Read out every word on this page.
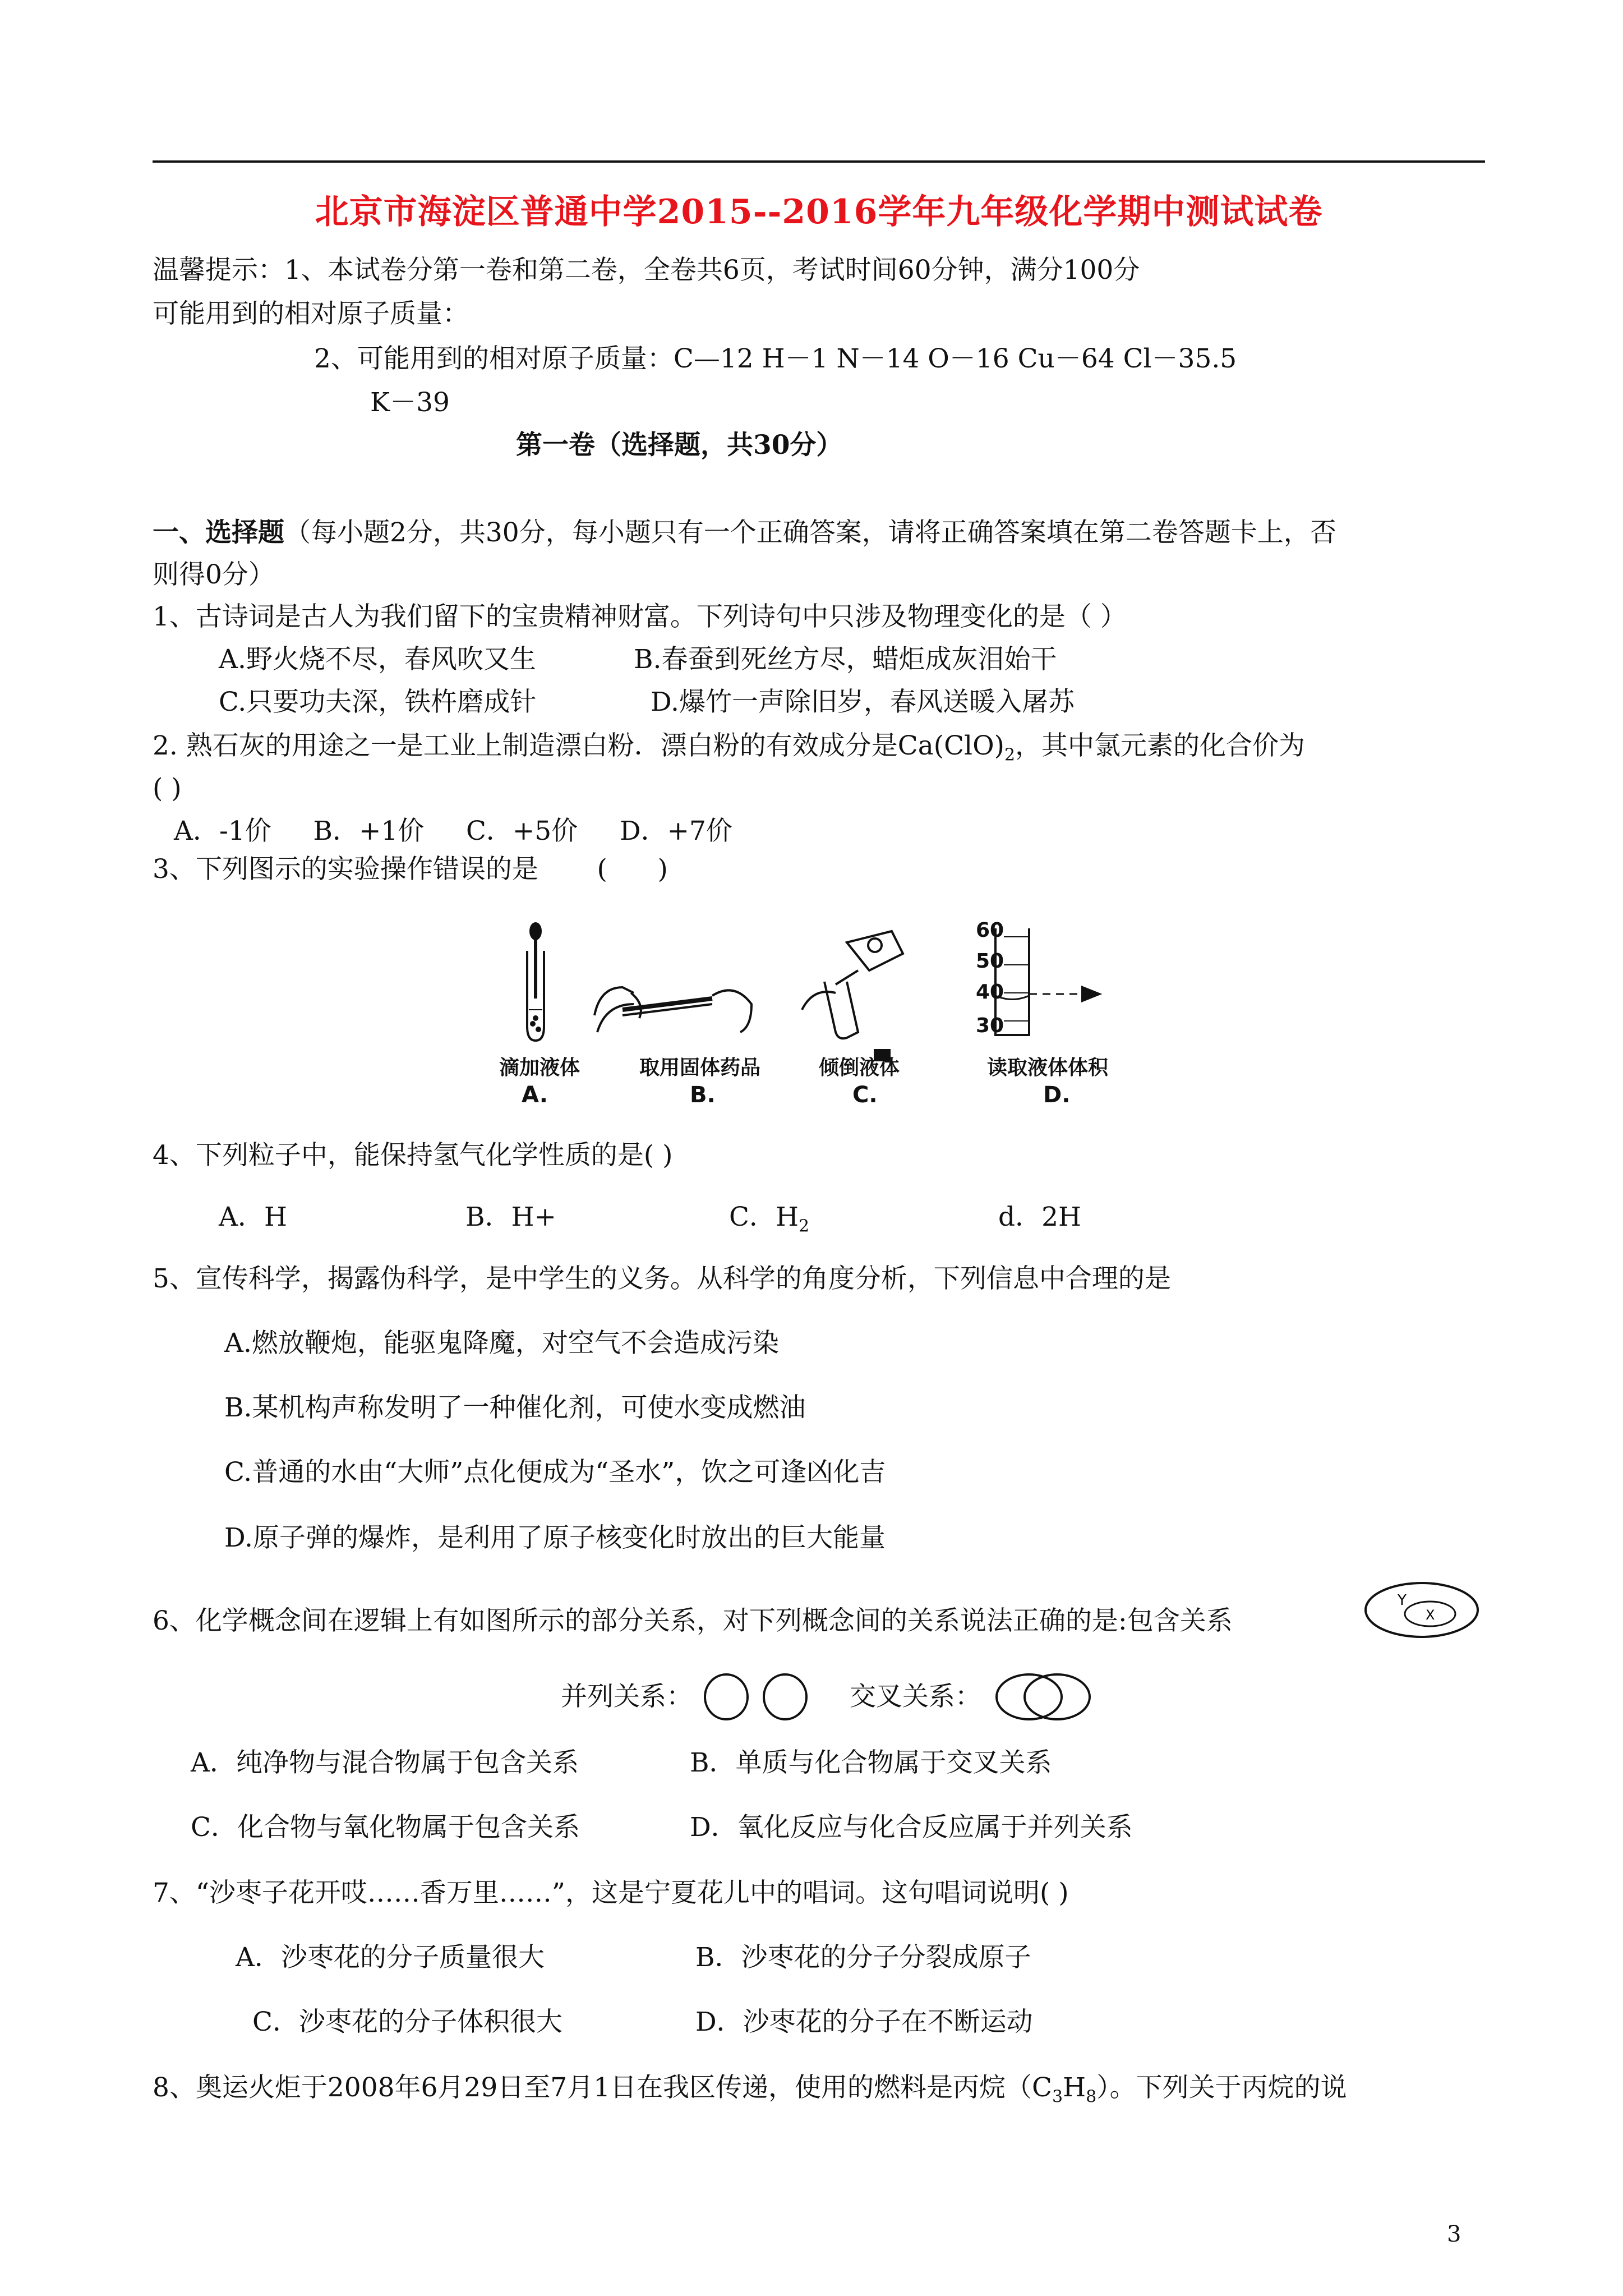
北京市海淀区普通中学2015--2016学年九年级化学期中测试试卷
温馨提示：1、本试卷分第一卷和第二卷，全卷共6页，考试时间60分钟，满分100分
可能用到的相对原子质量：
2、可能用到的相对原子质量：C—12 H－1 N－14 O－16 Cu－64 Cl－35.5
K－39
第一卷（选择题，共30分）
一、选择题（每小题2分，共30分，每小题只有一个正确答案，请将正确答案填在第二卷答题卡上，否
则得0分）
1、古诗词是古人为我们留下的宝贵精神财富。下列诗句中只涉及物理变化的是（ ）
A.野火烧不尽，春风吹又生	B.春蚕到死丝方尽，蜡炬成灰泪始干
C.只要功夫深，铁杵磨成针	D.爆竹一声除旧岁，春风送暖入屠苏
2. 熟石灰的用途之一是工业上制造漂白粉．漂白粉的有效成分是$Ca(ClO)_2$，其中氯元素的化合价为
( )
A．-1价     B．+1价     C．+5价     D．+7价
3、下列图示的实验操作错误的是       (      )
60
50
40
30
滴加液体	取用固体药品	倾倒液体	读取液体体积
A.	B.	C.	D.
4、下列粒子中，能保持氢气化学性质的是( )
A．H	B．H+	C．$H_2$	d．2H
5、宣传科学，揭露伪科学，是中学生的义务。从科学的角度分析，下列信息中合理的是
A.燃放鞭炮，能驱鬼降魔，对空气不会造成污染
B.某机构声称发明了一种催化剂，可使水变成燃油
C.普通的水由“大师”点化便成为“圣水”，饮之可逢凶化吉
D.原子弹的爆炸，是利用了原子核变化时放出的巨大能量
6、化学概念间在逻辑上有如图所示的部分关系，对下列概念间的关系说法正确的是:包含关系
Y
X
并列关系：	交叉关系：
A．纯净物与混合物属于包含关系	B．单质与化合物属于交叉关系
C．化合物与氧化物属于包含关系	D．氧化反应与化合反应属于并列关系
7、“沙枣子花开哎……香万里……”，这是宁夏花儿中的唱词。这句唱词说明( )
A．沙枣花的分子质量很大	B．沙枣花的分子分裂成原子
C．沙枣花的分子体积很大	D．沙枣花的分子在不断运动
8、奥运火炬于2008年6月29日至7月1日在我区传递，使用的燃料是丙烷$(C_3H_8)$。下列关于丙烷的说
3
